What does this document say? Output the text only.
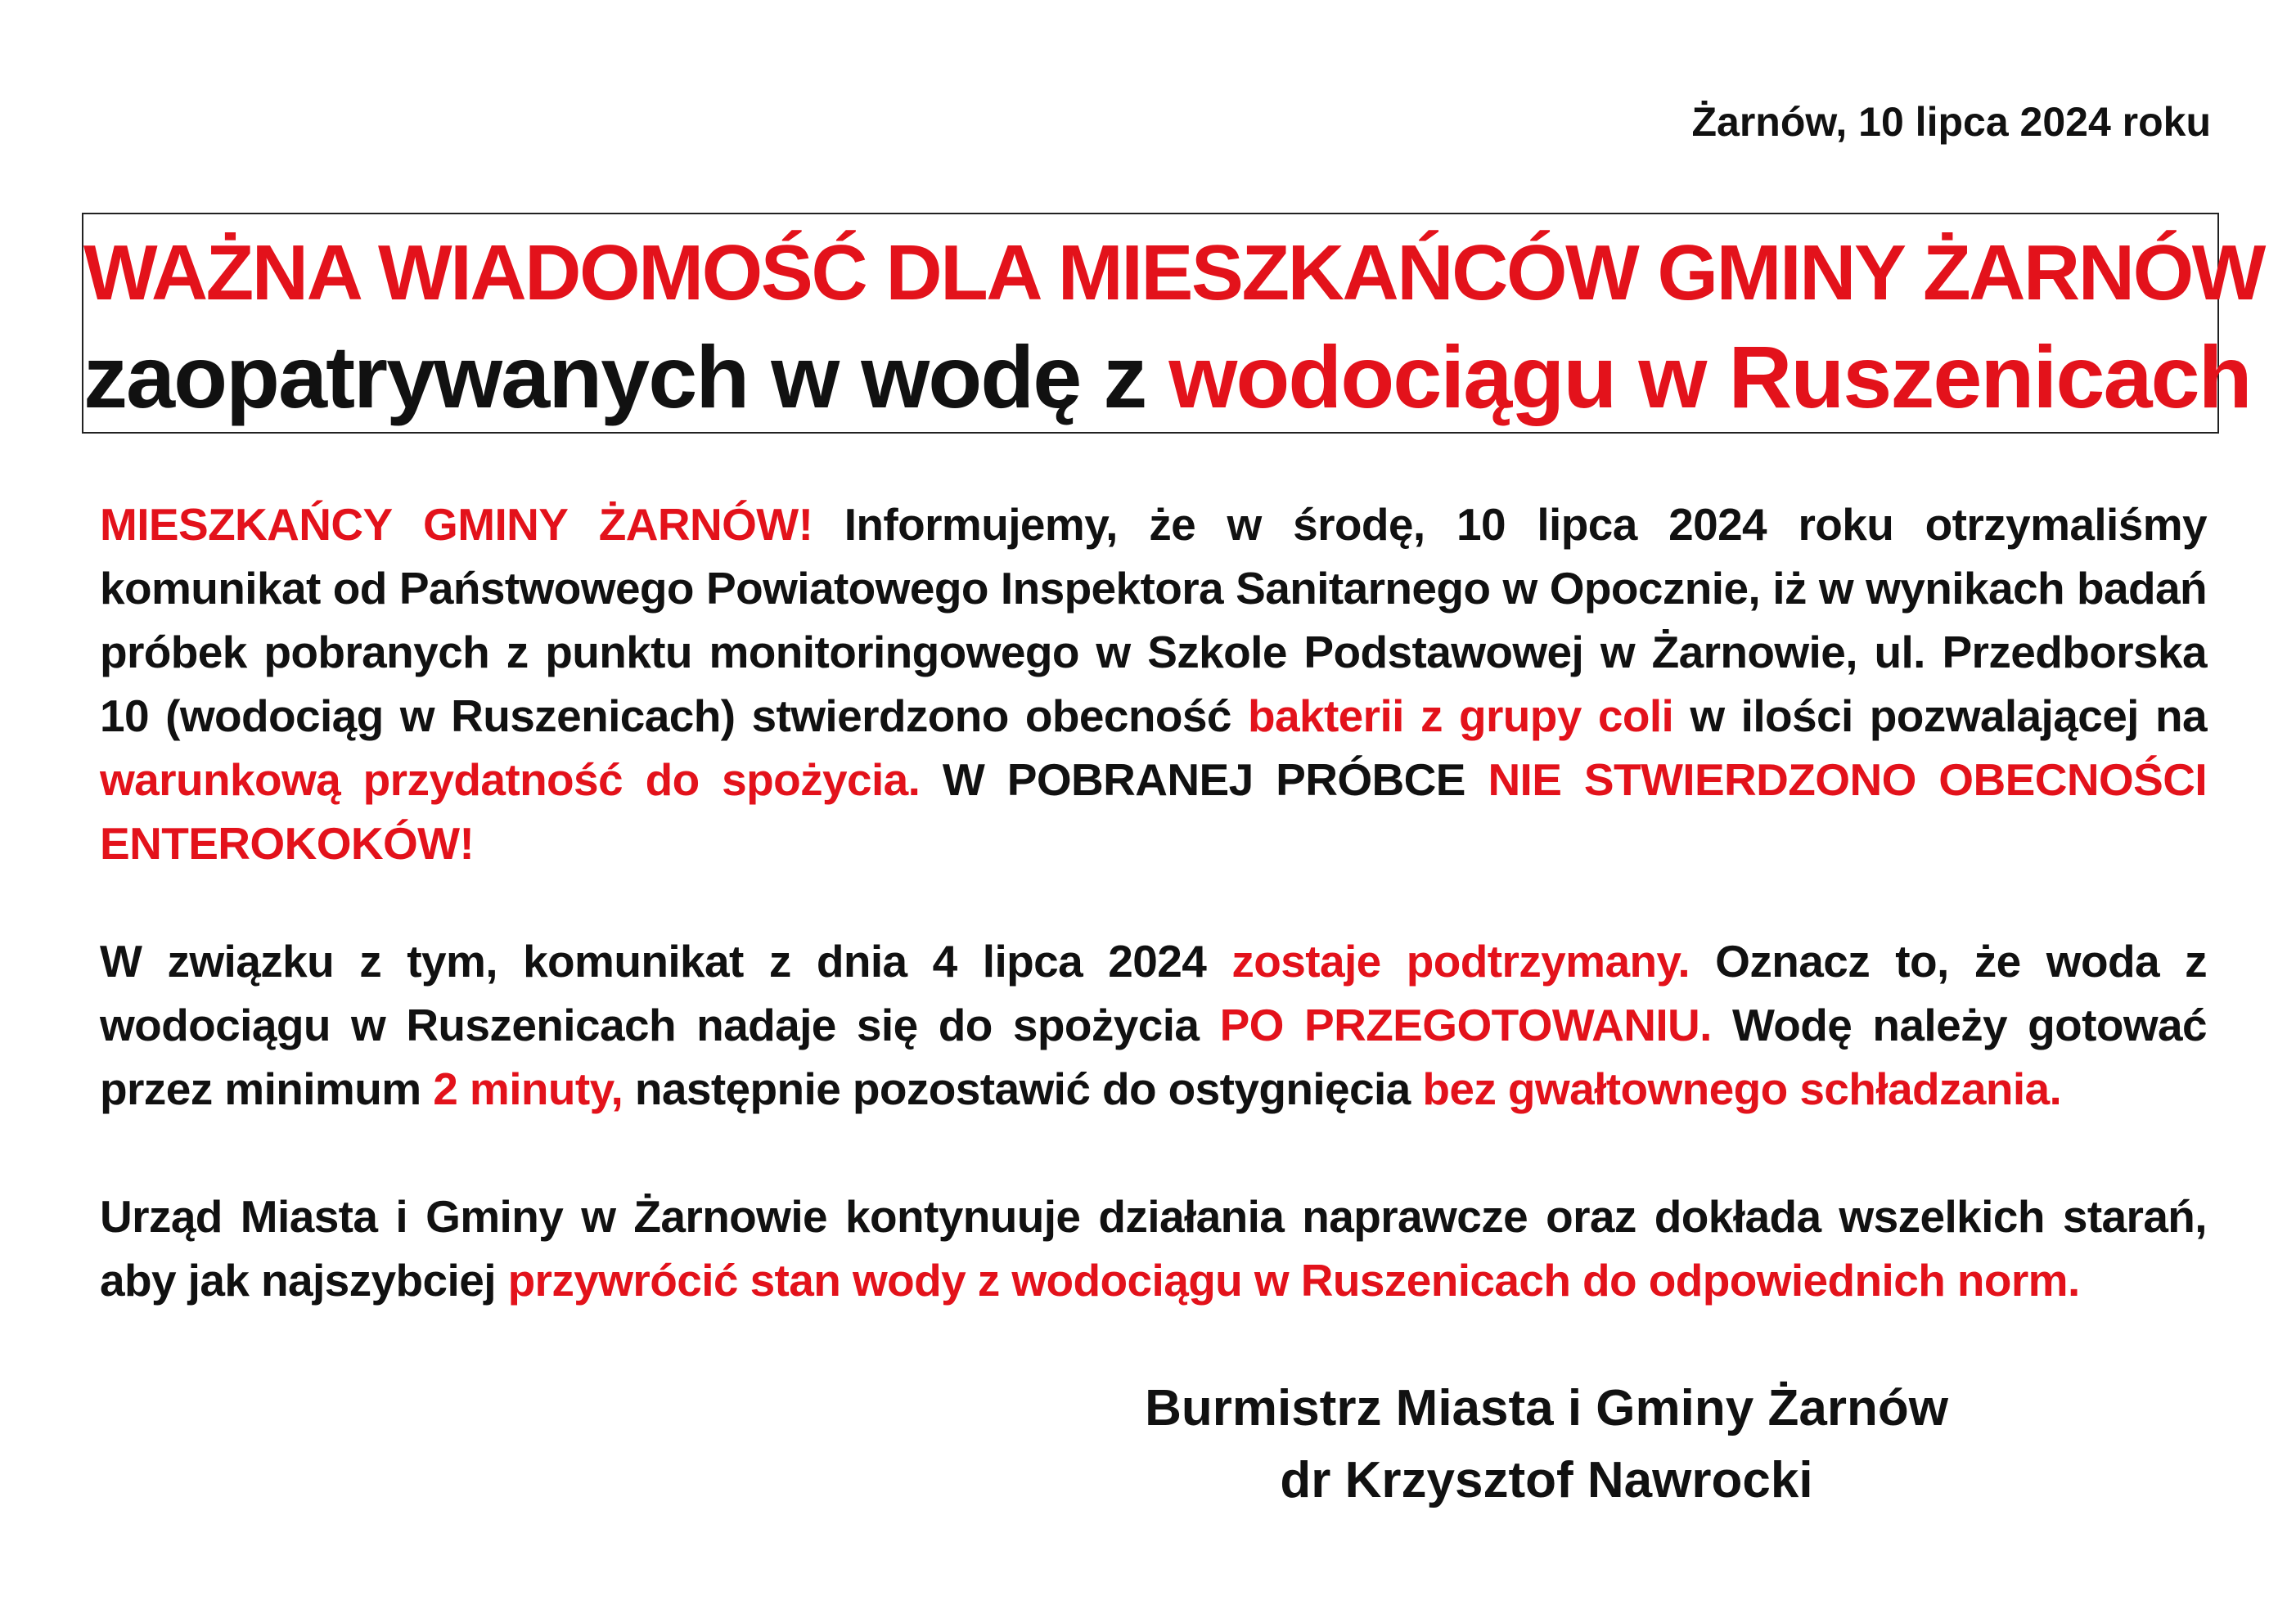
Żarnów, 10 lipca 2024 roku
WAŻNA WIADOMOŚĆ DLA MIESZKAŃCÓW GMINY ŻARNÓW
zaopatrywanych w wodę z wodociągu w Ruszenicach
MIESZKAŃCY GMINY ŻARNÓW! Informujemy, że w środę, 10 lipca 2024 roku otrzymaliśmy komunikat od Państwowego Powiatowego Inspektora Sanitarnego w Opocznie, iż w wynikach badań próbek pobranych z punktu monitoringowego w Szkole Podstawowej w Żarnowie, ul. Przedborska 10 (wodociąg w Ruszenicach) stwierdzono obecność bakterii z grupy coli w ilości pozwalającej na warunkową przydatność do spożycia. W POBRANEJ PRÓBCE NIE STWIERDZONO OBECNOŚCI ENTEROKOKÓW!
W związku z tym, komunikat z dnia 4 lipca 2024 zostaje podtrzymany. Oznacz to, że woda z wodociągu w Ruszenicach nadaje się do spożycia PO PRZEGOTOWANIU. Wodę należy gotować przez minimum 2 minuty, następnie pozostawić do ostygnięcia bez gwałtownego schładzania.
Urząd Miasta i Gminy w Żarnowie kontynuuje działania naprawcze oraz dokłada wszelkich starań, aby jak najszybciej przywrócić stan wody z wodociągu w Ruszenicach do odpowiednich norm.
Burmistrz Miasta i Gminy Żarnów
dr Krzysztof Nawrocki
